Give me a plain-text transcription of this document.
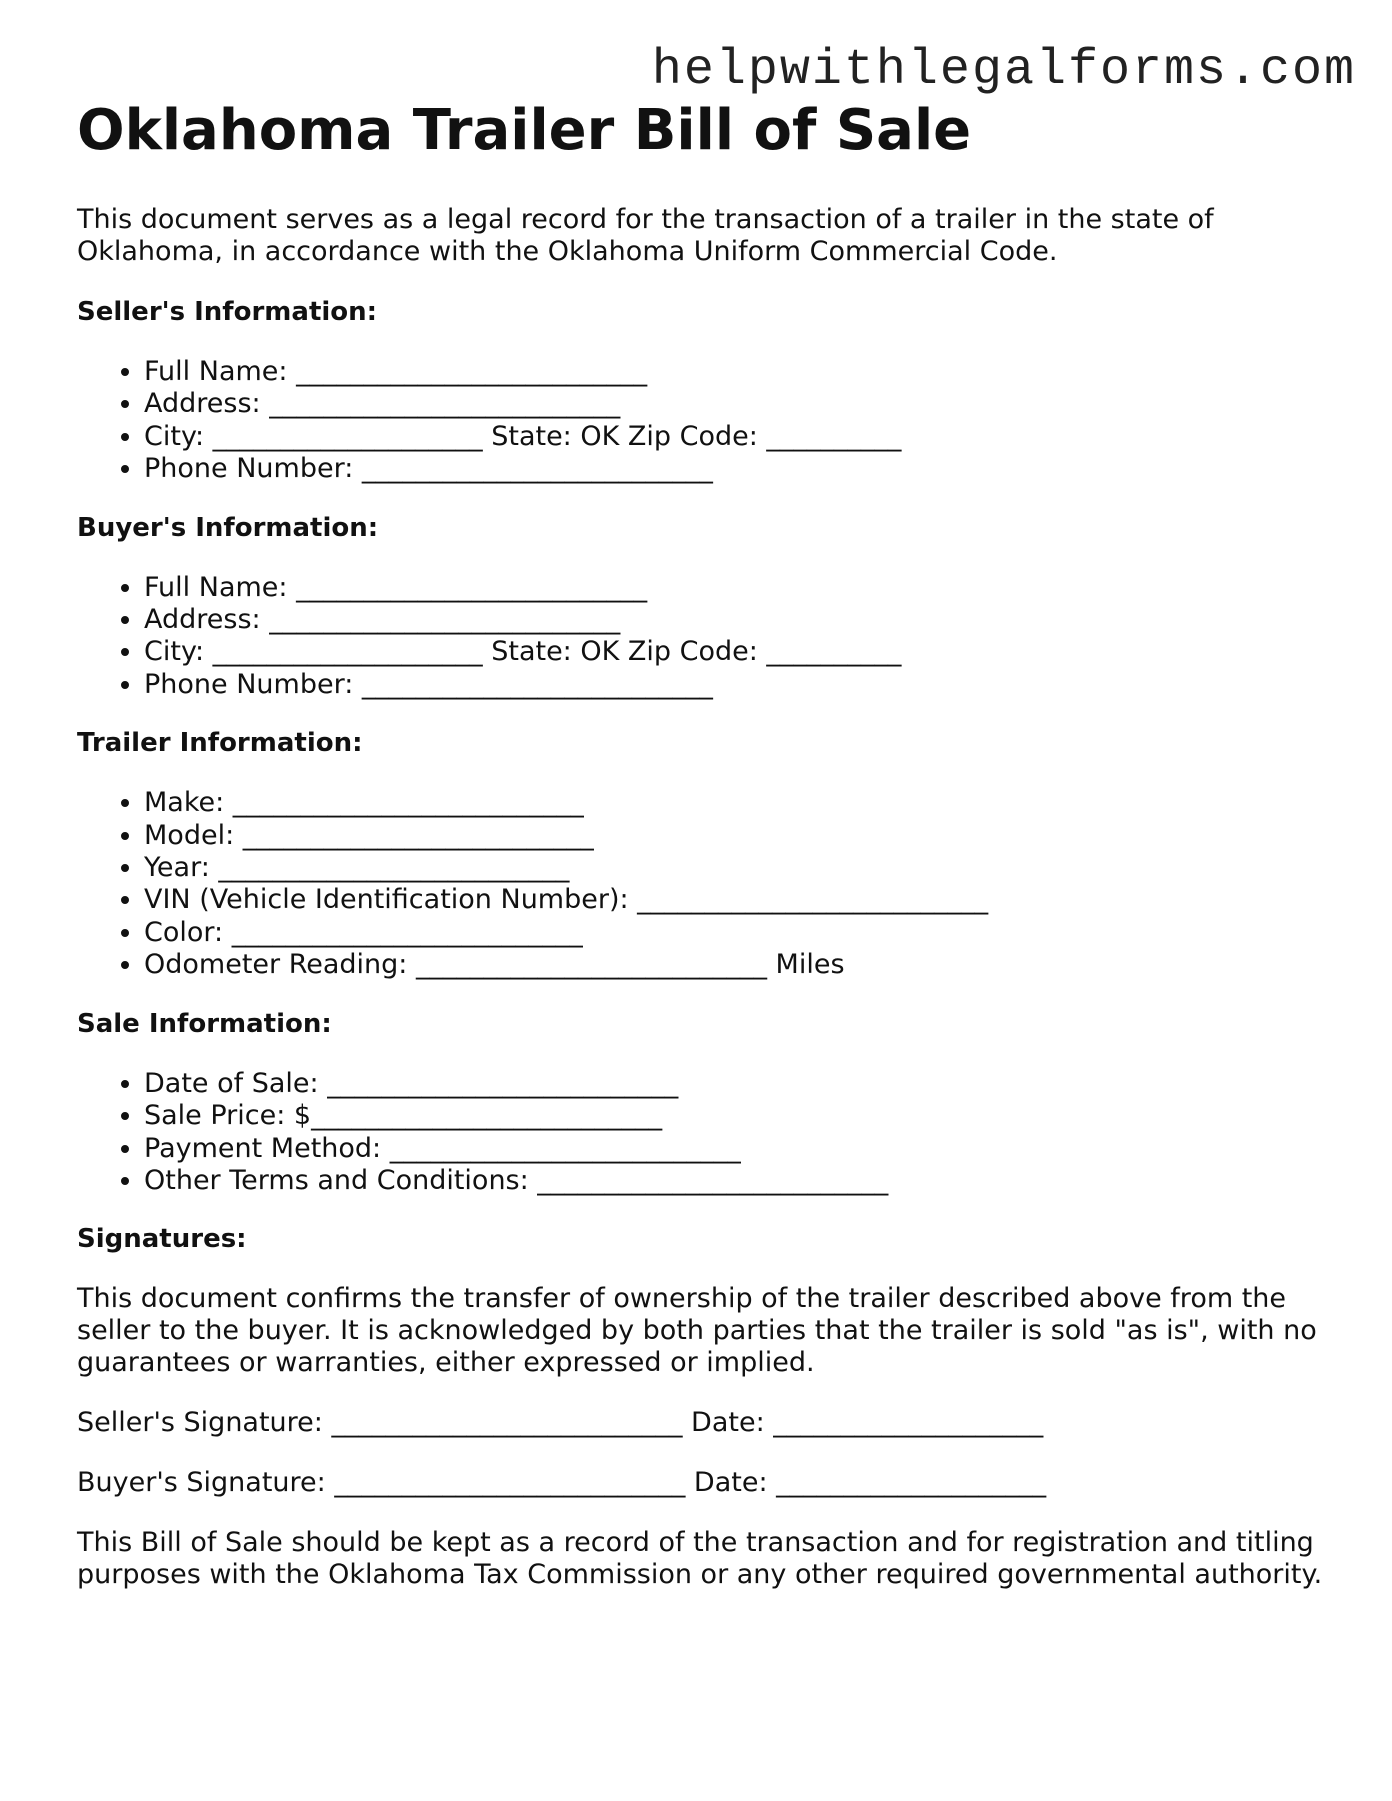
helpwithlegalforms.com
Oklahoma Trailer Bill of Sale

This document serves as a legal record for the transaction of a trailer in the state of Oklahoma, in accordance with the Oklahoma Uniform Commercial Code.

Seller's Information:
• Full Name: __________________________
• Address: __________________________
• City: ____________________ State: OK Zip Code: __________
• Phone Number: __________________________
Buyer's Information:
• Full Name: __________________________
• Address: __________________________
• City: ____________________ State: OK Zip Code: __________
• Phone Number: __________________________
Trailer Information:
• Make: __________________________
• Model: __________________________
• Year: __________________________
• VIN (Vehicle Identification Number): __________________________
• Color: __________________________
• Odometer Reading: __________________________ Miles
Sale Information:
• Date of Sale: __________________________
• Sale Price: $__________________________
• Payment Method: __________________________
• Other Terms and Conditions: __________________________
Signatures:

This document confirms the transfer of ownership of the trailer described above from the seller to the buyer. It is acknowledged by both parties that the trailer is sold "as is", with no guarantees or warranties, either expressed or implied.

Seller's Signature: __________________________ Date: ____________________

Buyer's Signature: __________________________ Date: ____________________

This Bill of Sale should be kept as a record of the transaction and for registration and titling purposes with the Oklahoma Tax Commission or any other required governmental authority.
